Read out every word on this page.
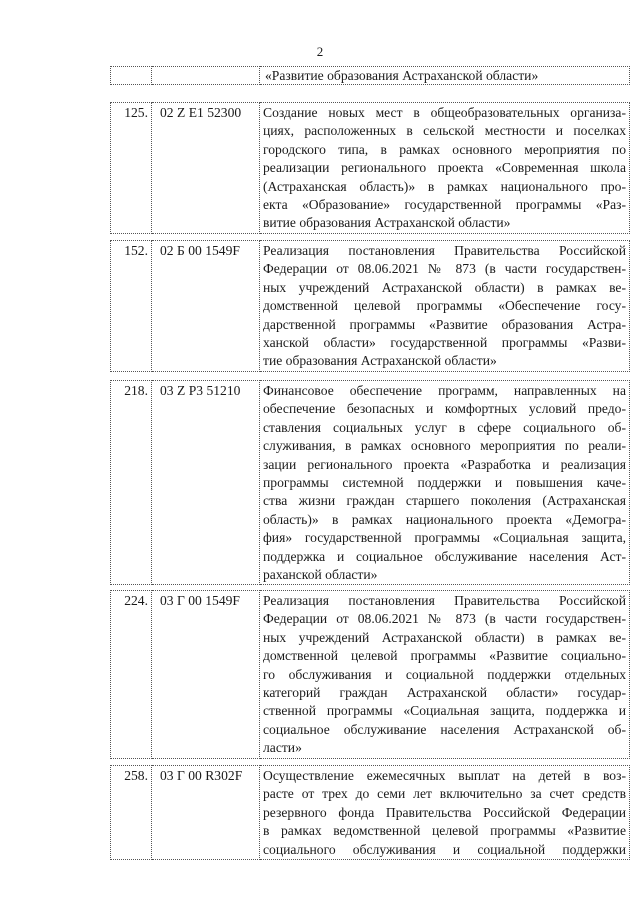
2
		«Развитие образования Астраханской области»
125.	02 Z E1 52300	Создание новых мест в общеобразовательных организа-
циях, расположенных в сельской местности и поселках
городского типа, в рамках основного мероприятия по
реализации регионального проекта «Современная школа
(Астраханская область)» в рамках национального про-
екта «Образование» государственной программы «Раз-
витие образования Астраханской области»
152.	02 Б 00 1549F	Реализация постановления Правительства Российской
Федерации от 08.06.2021 № 873 (в части государствен-
ных учреждений Астраханской области) в рамках ве-
домственной целевой программы «Обеспечение госу-
дарственной программы «Развитие образования Астра-
ханской области» государственной программы «Разви-
тие образования Астраханской области»
218.	03 Z P3 51210	Финансовое обеспечение программ, направленных на
обеспечение безопасных и комфортных условий предо-
ставления социальных услуг в сфере социального об-
служивания, в рамках основного мероприятия по реали-
зации регионального проекта «Разработка и реализация
программы системной поддержки и повышения каче-
ства жизни граждан старшего поколения (Астраханская
область)» в рамках национального проекта «Демогра-
фия» государственной программы «Социальная защита,
поддержка и социальное обслуживание населения Аст-
раханской области»
224.	03 Г 00 1549F	Реализация постановления Правительства Российской
Федерации от 08.06.2021 № 873 (в части государствен-
ных учреждений Астраханской области) в рамках ве-
домственной целевой программы «Развитие социально-
го обслуживания и социальной поддержки отдельных
категорий граждан Астраханской области» государ-
ственной программы «Социальная защита, поддержка и
социальное обслуживание населения Астраханской об-
ласти»
258.	03 Г 00 R302F	Осуществление ежемесячных выплат на детей в воз-
расте от трех до семи лет включительно за счет средств
резервного фонда Правительства Российской Федерации
в рамках ведомственной целевой программы «Развитие
социального обслуживания и социальной поддержки
